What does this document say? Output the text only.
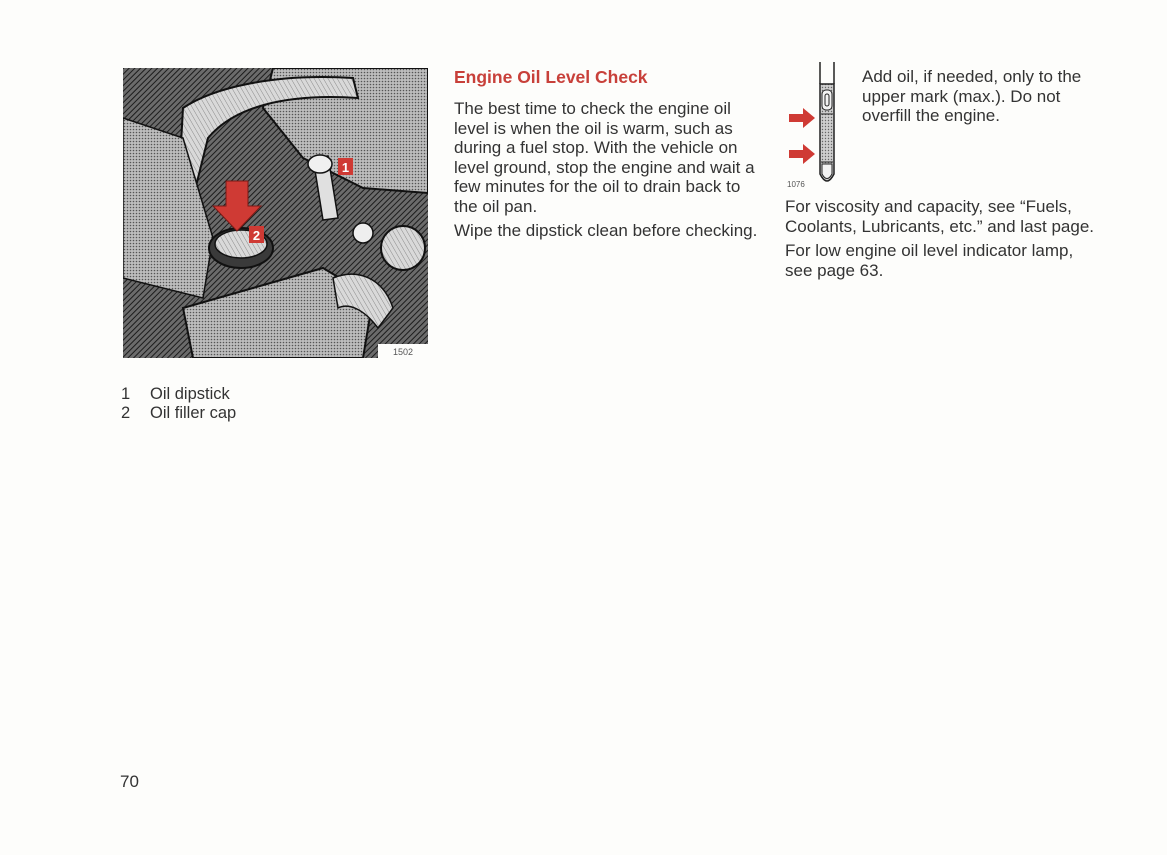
1
2
1502
1	Oil dipstick
2	Oil filler cap
70
Engine Oil Level Check

The best time to check the engine oil level is when the oil is warm, such as during a fuel stop. With the vehicle on level ground, stop the engine and wait a few minutes for the oil to drain back to the oil pan.

Wipe the dipstick clean before checking.

1076

Add oil, if needed, only to the upper mark (max.). Do not overfill the engine.

For viscosity and capacity, see “Fuels, Coolants, Lubricants, etc.” and last page.

For low engine oil level indicator lamp, see page 63.
